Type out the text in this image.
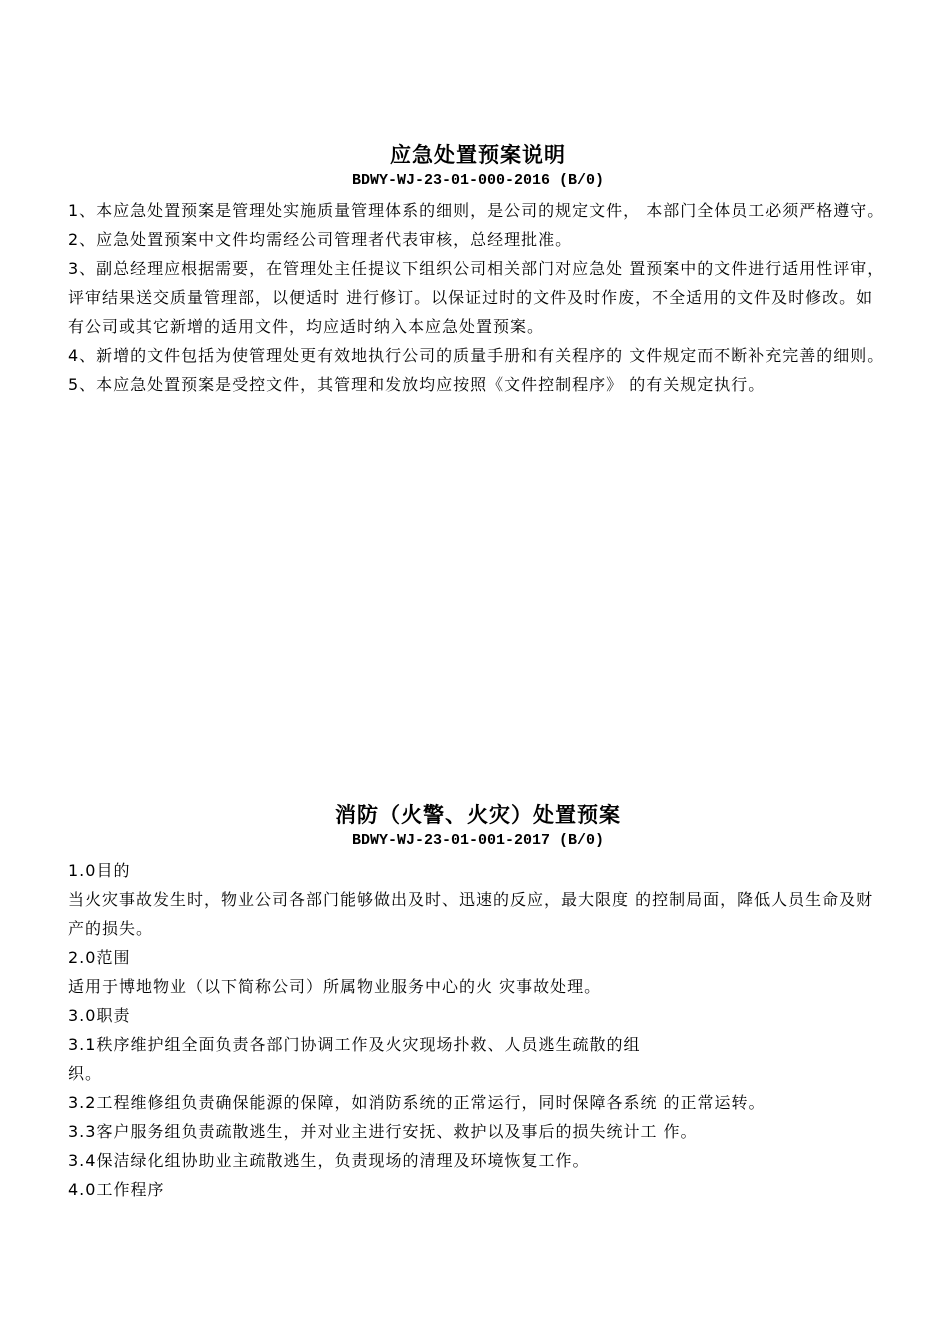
应急处置预案说明
BDWY-WJ-23-01-000-2016 (B/0)

1、本应急处置预案是管理处实施质量管理体系的细则，是公司的规定文件， 本部门全体员工必须严格遵守。

2、应急处置预案中文件均需经公司管理者代表审核，总经理批准。

3、副总经理应根据需要，在管理处主任提议下组织公司相关部门对应急处 置预案中的文件进行适用性评审，评审结果送交质量管理部，以便适时 进行修订。以保证过时的文件及时作废，不全适用的文件及时修改。如 有公司或其它新增的适用文件，均应适时纳入本应急处置预案。

4、新增的文件包括为使管理处更有效地执行公司的质量手册和有关程序的 文件规定而不断补充完善的细则。

5、本应急处置预案是受控文件，其管理和发放均应按照《文件控制程序》 的有关规定执行。

消防（火警、火灾）处置预案
BDWY-WJ-23-01-001-2017 (B/0)

1.0目的

当火灾事故发生时，物业公司各部门能够做出及时、迅速的反应，最大限度 的控制局面，降低人员生命及财产的损失。

2.0范围

适用于博地物业（以下简称公司）所属物业服务中心的火 灾事故处理。

3.0职责

3.1秩序维护组全面负责各部门协调工作及火灾现场扑救、人员逃生疏散的组

织。

3.2工程维修组负责确保能源的保障，如消防系统的正常运行，同时保障各系统 的正常运转。

3.3客户服务组负责疏散逃生，并对业主进行安抚、救护以及事后的损失统计工 作。

3.4保洁绿化组协助业主疏散逃生，负责现场的清理及环境恢复工作。

4.0工作程序
